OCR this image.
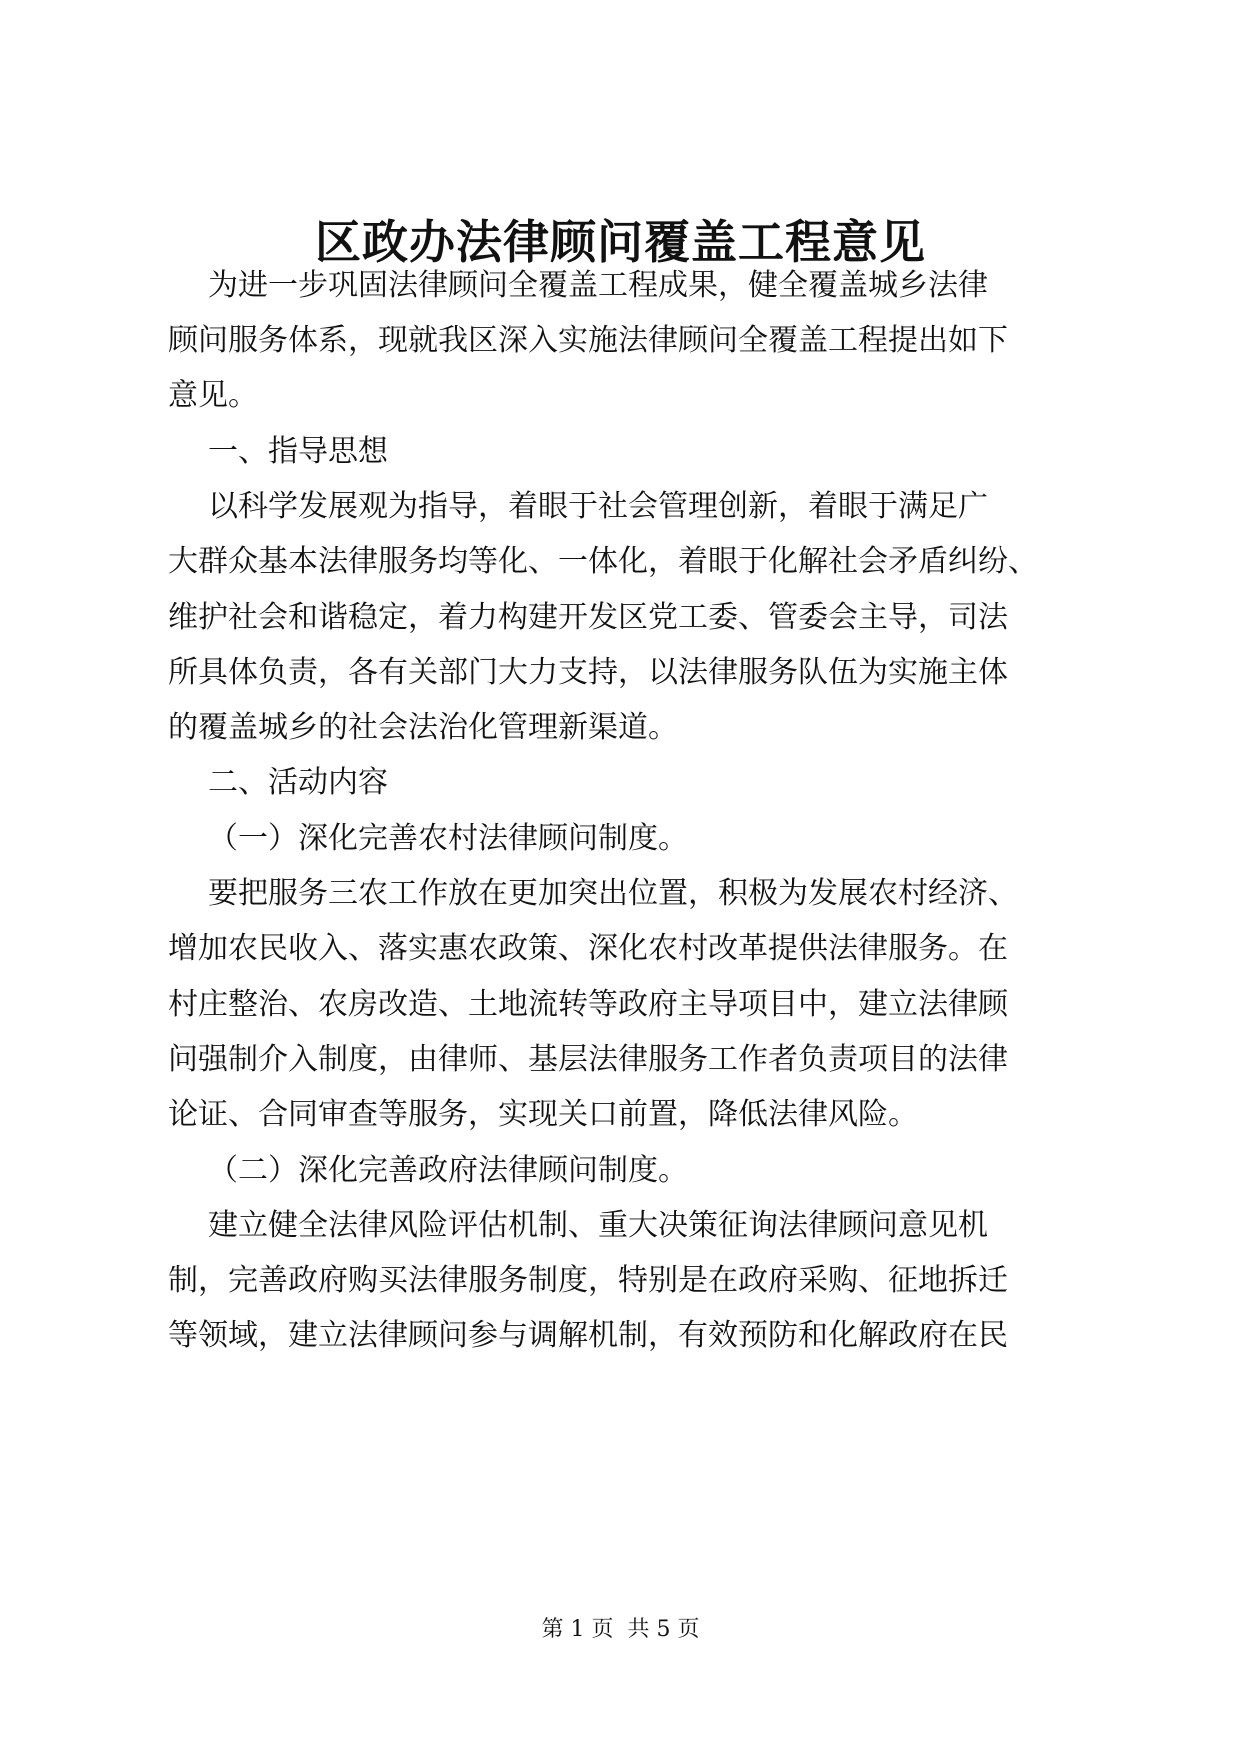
区政办法律顾问覆盖工程意见
为进一步巩固法律顾问全覆盖工程成果，健全覆盖城乡法律
顾问服务体系，现就我区深入实施法律顾问全覆盖工程提出如下
意见。
一、指导思想
以科学发展观为指导，着眼于社会管理创新，着眼于满足广
大群众基本法律服务均等化、一体化，着眼于化解社会矛盾纠纷、
维护社会和谐稳定，着力构建开发区党工委、管委会主导，司法
所具体负责，各有关部门大力支持，以法律服务队伍为实施主体
的覆盖城乡的社会法治化管理新渠道。
二、活动内容
（一）深化完善农村法律顾问制度。
要把服务三农工作放在更加突出位置，积极为发展农村经济、
增加农民收入、落实惠农政策、深化农村改革提供法律服务。在
村庄整治、农房改造、土地流转等政府主导项目中，建立法律顾
问强制介入制度，由律师、基层法律服务工作者负责项目的法律
论证、合同审查等服务，实现关口前置，降低法律风险。
（二）深化完善政府法律顾问制度。
建立健全法律风险评估机制、重大决策征询法律顾问意见机
制，完善政府购买法律服务制度，特别是在政府采购、征地拆迁
等领域，建立法律顾问参与调解机制，有效预防和化解政府在民
第 1 页 共 5 页
